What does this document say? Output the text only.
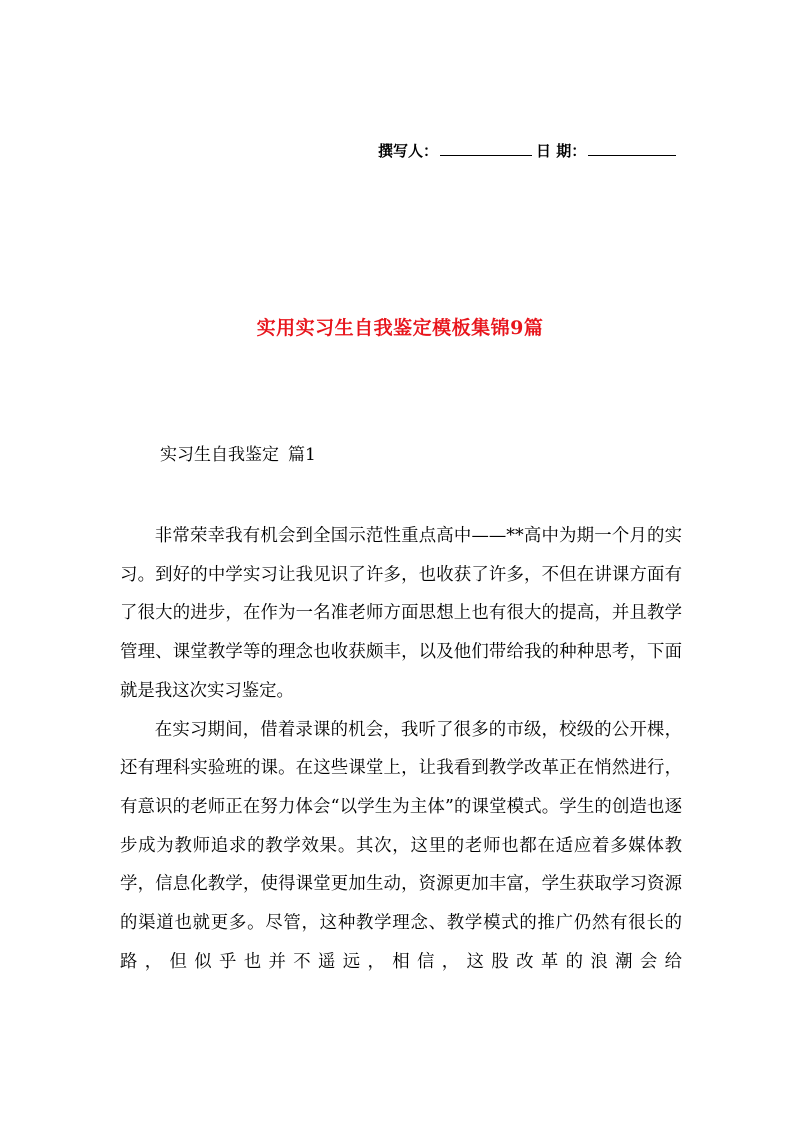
撰写人：	日 期：
实用实习生自我鉴定模板集锦9篇
实习生自我鉴定 篇1

非常荣幸我有机会到全国示范性重点高中——**高中为期一个月的实习。到好的中学实习让我见识了许多，也收获了许多，不但在讲课方面有了很大的进步，在作为一名准老师方面思想上也有很大的提高，并且教学管理、课堂教学等的理念也收获颇丰，以及他们带给我的种种思考，下面就是我这次实习鉴定。

在实习期间，借着录课的机会，我听了很多的市级，校级的公开棵，还有理科实验班的课。在这些课堂上，让我看到教学改革正在悄然进行，有意识的老师正在努力体会“以学生为主体”的课堂模式。学生的创造也逐步成为教师追求的教学效果。其次，这里的老师也都在适应着多媒体教学，信息化教学，使得课堂更加生动，资源更加丰富，学生获取学习资源的渠道也就更多。尽管，这种教学理念、教学模式的推广仍然有很长的路，但似乎也并不遥远，相信，这股改革的浪潮会给
